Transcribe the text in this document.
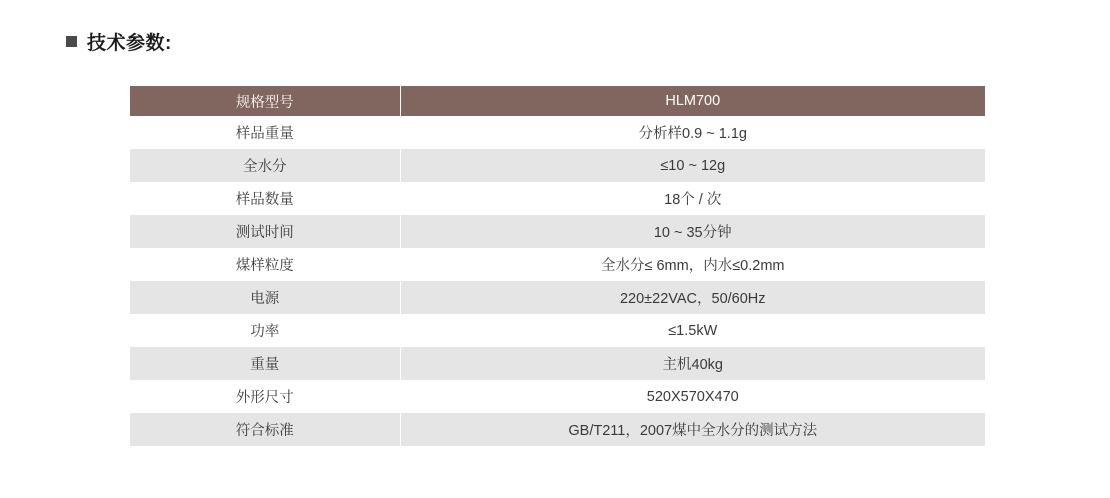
技术参数:
规格型号	HLM700
样品重量	分析样0.9 ~ 1.1g
全水分	≤10 ~ 12g
样品数量	18个 / 次
测试时间	10 ~ 35分钟
煤样粒度	全水分≤ 6mm，内水≤0.2mm
电源	220±22VAC，50/60Hz
功率	≤1.5kW
重量	主机40kg
外形尺寸	520X570X470
符合标准	GB/T211，2007煤中全水分的测试方法
